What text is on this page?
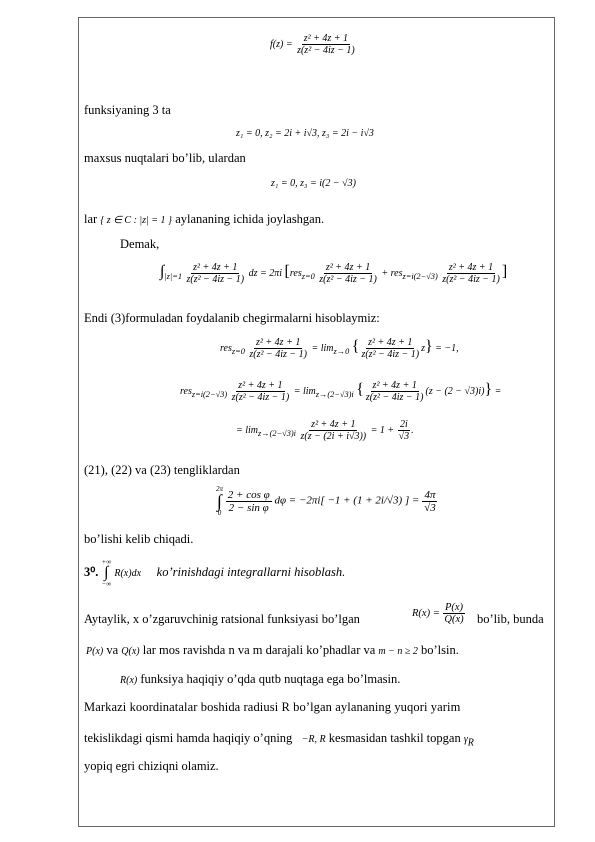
$f(z) = \frac{\text{z² + 4z + 1}}{\text{z(z² − 4iz − 1)}}$
funksiyaning 3 ta
z₁ = 0, z₂ = 2i + i√3, z₃ = 2i − i√3
maxsus nuqtalari bo’lib, ulardan
z₁ = 0, z₃ = i(2 − √3)
lar { z ∈ C : |z| = 1 } aylananing ichida joylashgan.
Demak,
$\int_{|z|=1} \frac{\text{z² + 4z + 1}}{\text{z(z² − 4iz − 1)}}$ dz = 2πi [$res_{z=0} \frac{\text{z² + 4z + 1}}{\text{z(z² − 4iz − 1)}} + res_{z=i(2-√3)} \frac{\text{z² + 4z + 1}}{\text{z(z² − 4iz − 1)}}$ ]
Endi (3)formuladan foydalanib chegirmalarni hisoblaymiz:
$res_{z=0} \frac{\text{z² + 4z + 1}}{\text{z(z² − 4iz − 1)}} = \lim_{z\to 0}$ { $\frac{\text{z² + 4z + 1}}{\text{z(z² − 4iz − 1)}} z\} = -1$,
$res_{z=i(2-√3)} \frac{\text{z² + 4z + 1}}{\text{z(z² − 4iz − 1)}} = \lim_{z\to(2-√3)i}$ { $\frac{\text{z² + 4z + 1}}{\text{z(z² − 4iz − 1)}} (z - (2 - √3)i)$} =
= $\lim_{z\to(2-√3)i} \frac{\text{z² + 4z + 1}}{z(z - (2i + i√3))} = 1 + \frac{2i}{√3}$ .
(21), (22) va (23) tengliklardan
2π
∫
0
$\frac{\text{2 + cos φ}}{\text{2 − sin φ}}$ dφ = −2πi[ −1 + (1 + 2i/√3) ] = $\frac{4\pi}{√3}$
bo’lishi kelib chiqadi.
3⁰.
+∞
∫
−∞
R(x)dx ko’rinishdagi integrallarni hisoblash.
Aytaylik, x o’zgaruvchinig ratsional funksiyasi bo’lgan	$R(x) = \frac{P(x)}{Q(x)}$ bo’lib, bunda
P(x) va Q(x) lar mos ravishda n va m darajali ko’phadlar va m − n ≥ 2 bo’lsin.
R(x) funksiya haqiqiy o’qda qutb nuqtaga ega bo’lmasin.
Markazi koordinatalar boshida radiusi R bo’lgan aylananing yuqori yarim
tekislikdagi qismi hamda haqiqiy o’qning −R, R kesmasidan tashkil topgan $\gamma_R$
yopiq egri chiziqni olamiz.
